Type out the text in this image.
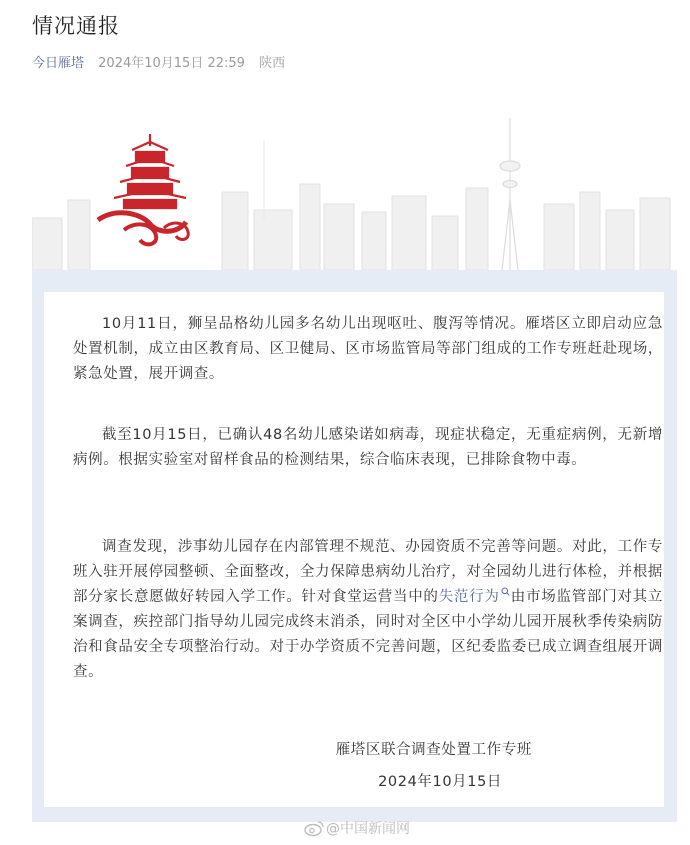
情况通报
今日雁塔 2024年10月15日 22:59 陕西

10月11日，狮呈品格幼儿园多名幼儿出现呕吐、腹泻等情况。雁塔区立即启动应急处置机制，成立由区教育局、区卫健局、区市场监管局等部门组成的工作专班赶赴现场，紧急处置，展开调查。

截至10月15日，已确认48名幼儿感染诺如病毒，现症状稳定，无重症病例，无新增病例。根据实验室对留样食品的检测结果，综合临床表现，已排除食物中毒。

调查发现，涉事幼儿园存在内部管理不规范、办园资质不完善等问题。对此，工作专班入驻开展停园整顿、全面整改，全力保障患病幼儿治疗，对全园幼儿进行体检，并根据部分家长意愿做好转园入学工作。针对食堂运营当中的失范行为 由市场监管部门对其立案调查，疾控部门指导幼儿园完成终末消杀，同时对全区中小学幼儿园开展秋季传染病防治和食品安全专项整治行动。对于办学资质不完善问题，区纪委监委已成立调查组展开调查。

雁塔区联合调查处置工作专班
2024年10月15日
@中国新闻网
